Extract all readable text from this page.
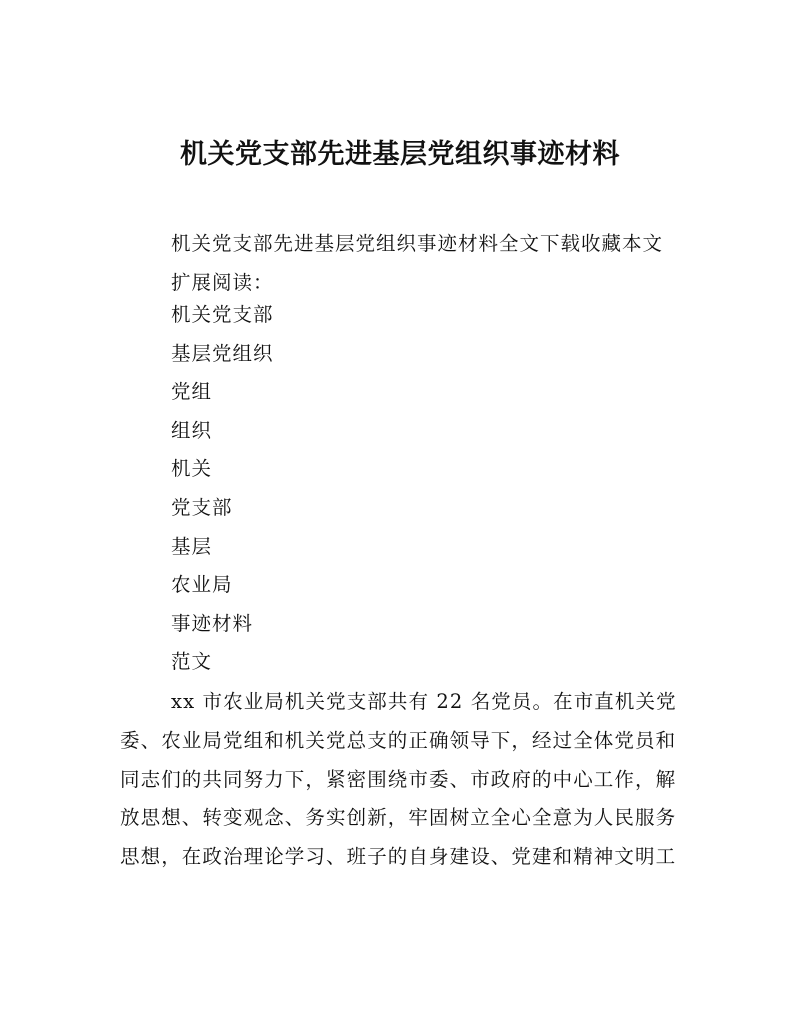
机关党支部先进基层党组织事迹材料
机关党支部先进基层党组织事迹材料全文下载收藏本文
扩展阅读：
机关党支部
基层党组织
党组
组织
机关
党支部
基层
农业局
事迹材料
范文
xx 市农业局机关党支部共有 22 名党员。在市直机关党
委、农业局党组和机关党总支的正确领导下，经过全体党员和
同志们的共同努力下，紧密围绕市委、市政府的中心工作，解
放思想、转变观念、务实创新，牢固树立全心全意为人民服务
思想，在政治理论学习、班子的自身建设、党建和精神文明工
